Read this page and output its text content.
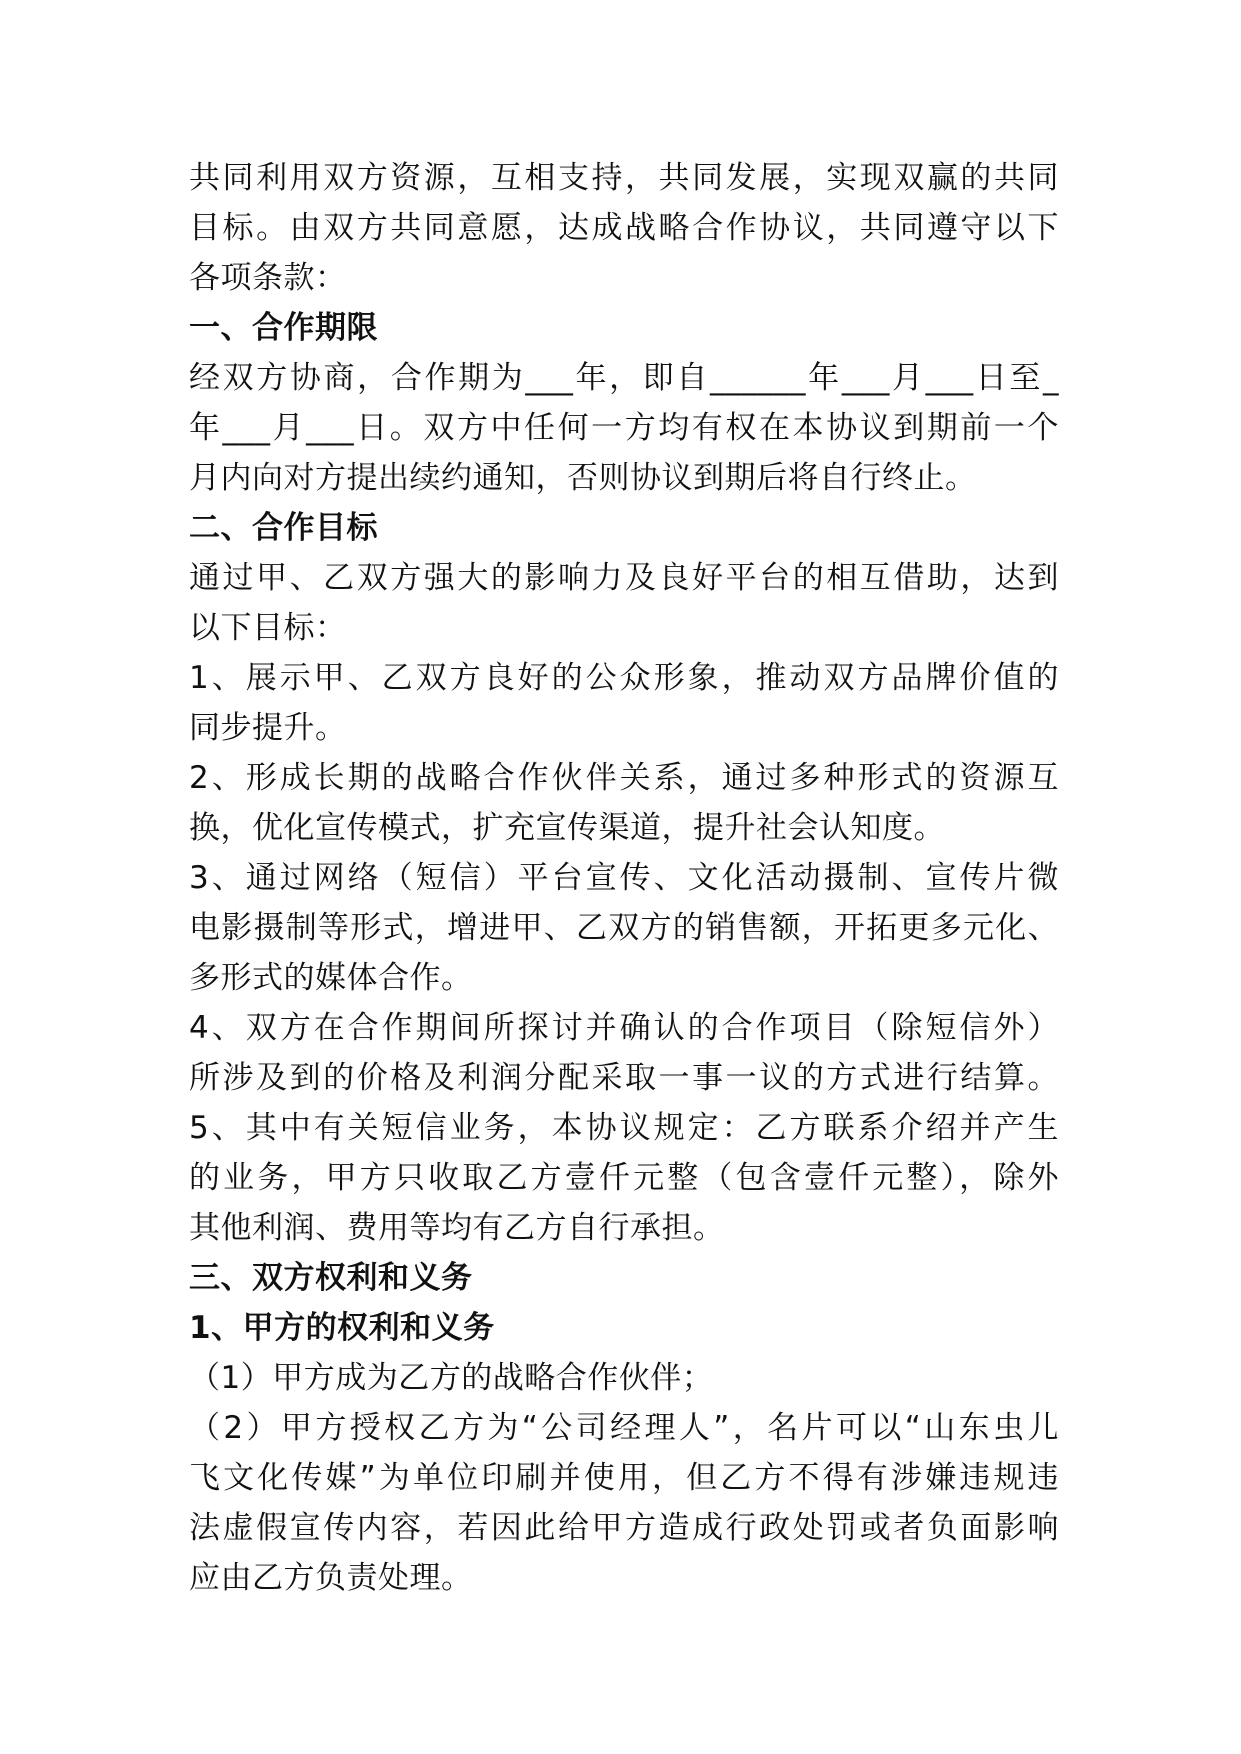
共同利用双方资源，互相支持，共同发展，实现双赢的共同
目标。由双方共同意愿，达成战略合作协议，共同遵守以下
各项条款：
一、合作期限
经双方协商，合作期为___年，即自______年___月___日至_
年___月___日。双方中任何一方均有权在本协议到期前一个
月内向对方提出续约通知，否则协议到期后将自行终止。
二、合作目标
通过甲、乙双方强大的影响力及良好平台的相互借助，达到
以下目标：
1、展示甲、乙双方良好的公众形象，推动双方品牌价值的
同步提升。
2、形成长期的战略合作伙伴关系，通过多种形式的资源互
换，优化宣传模式，扩充宣传渠道，提升社会认知度。
3、通过网络（短信）平台宣传、文化活动摄制、宣传片微
电影摄制等形式，增进甲、乙双方的销售额，开拓更多元化、
多形式的媒体合作。
4、双方在合作期间所探讨并确认的合作项目（除短信外）
所涉及到的价格及利润分配采取一事一议的方式进行结算。
5、其中有关短信业务，本协议规定：乙方联系介绍并产生
的业务，甲方只收取乙方壹仟元整（包含壹仟元整），除外
其他利润、费用等均有乙方自行承担。
三、双方权利和义务
1、甲方的权利和义务
（1）甲方成为乙方的战略合作伙伴；
（2）甲方授权乙方为“公司经理人”，名片可以“山东虫儿
飞文化传媒”为单位印刷并使用，但乙方不得有涉嫌违规违
法虚假宣传内容，若因此给甲方造成行政处罚或者负面影响
应由乙方负责处理。
